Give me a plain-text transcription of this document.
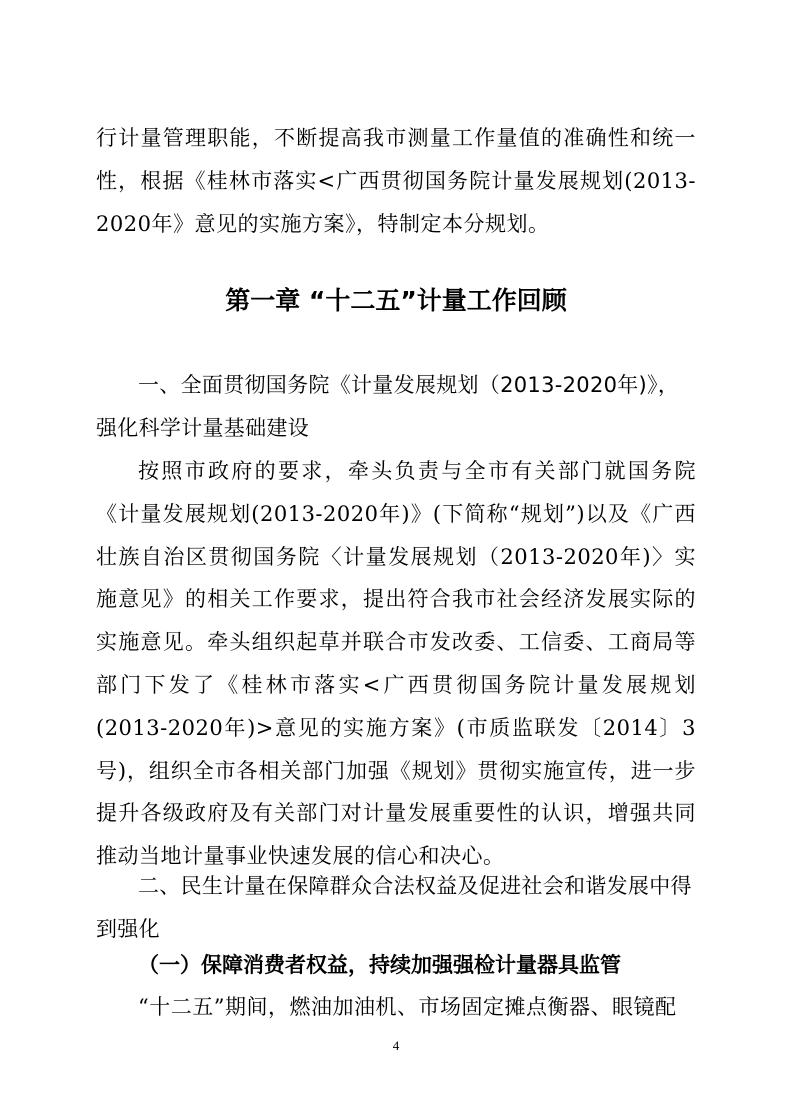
行计量管理职能，不断提高我市测量工作量值的准确性和统一性，根据《桂林市落实<广西贯彻国务院计量发展规划(2013-2020年》意见的实施方案》，特制定本分规划。
第一章 “十二五”计量工作回顾
一、全面贯彻国务院《计量发展规划（2013-2020年)》，强化科学计量基础建设
按照市政府的要求，牵头负责与全市有关部门就国务院《计量发展规划(2013-2020年)》(下简称“规划”)以及《广西壮族自治区贯彻国务院〈计量发展规划（2013-2020年)〉实施意见》的相关工作要求，提出符合我市社会经济发展实际的实施意见。牵头组织起草并联合市发改委、工信委、工商局等部门下发了《桂林市落实<广西贯彻国务院计量发展规划(2013-2020年)>意见的实施方案》(市质监联发〔2014〕3号)，组织全市各相关部门加强《规划》贯彻实施宣传，进一步提升各级政府及有关部门对计量发展重要性的认识，增强共同推动当地计量事业快速发展的信心和决心。
二、民生计量在保障群众合法权益及促进社会和谐发展中得到强化
（一）保障消费者权益，持续加强强检计量器具监管
“十二五”期间，燃油加油机、市场固定摊点衡器、眼镜配
4
